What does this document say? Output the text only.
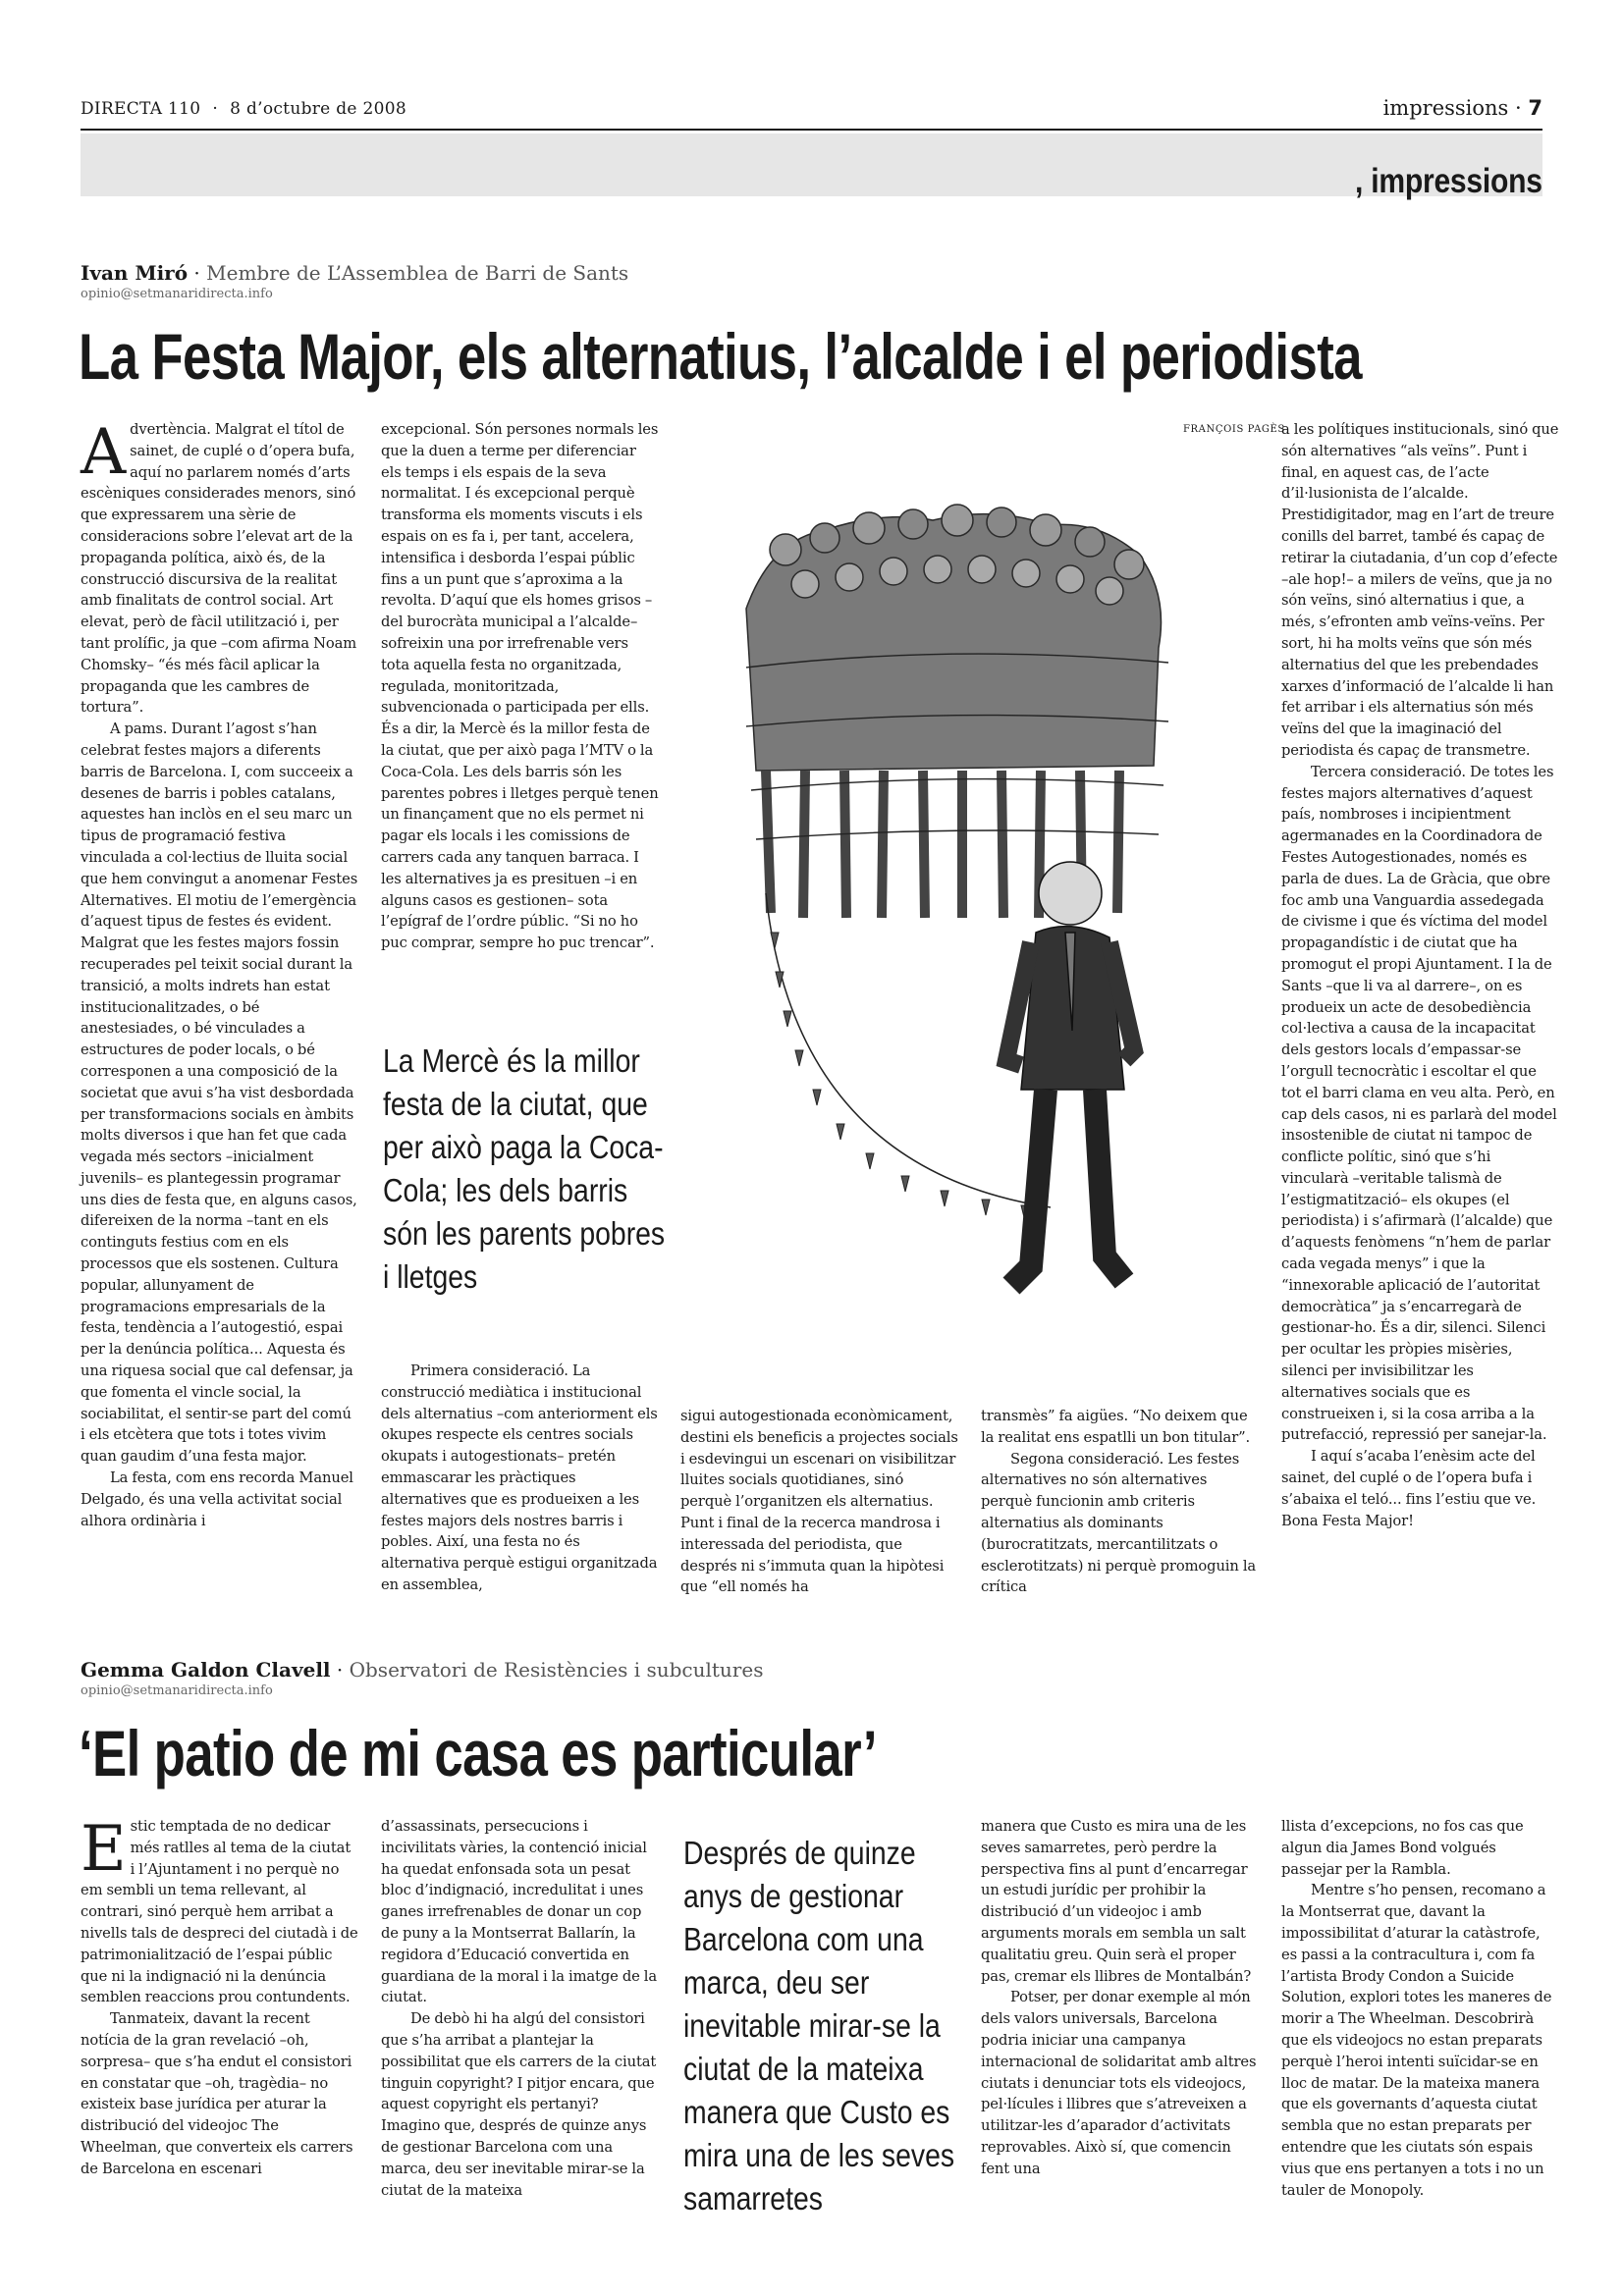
DIRECTA 110 · 8 d’octubre de 2008	impressions · 7
, impressions
Ivan Miró · Membre de L’Assemblea de Barri de Sants
opinio@setmanaridirecta.info
La Festa Major, els alternatius, l’alcalde i el periodista

Advertència. Malgrat el títol de sainet, de cuplé o d’opera bufa, aquí no parlarem només d’arts escèniques considerades menors, sinó que expressarem una sèrie de consideracions sobre l’elevat art de la propaganda política, això és, de la construcció discursiva de la realitat amb finalitats de control social. Art elevat, però de fàcil utilització i, per tant prolífic, ja que –com afirma Noam Chomsky– “és més fàcil aplicar la propaganda que les cambres de tortura”.

A pams. Durant l’agost s’han celebrat festes majors a diferents barris de Barcelona. I, com succeeix a desenes de barris i pobles catalans, aquestes han inclòs en el seu marc un tipus de programació festiva vinculada a col·lectius de lluita social que hem convingut a anomenar Festes Alternatives. El motiu de l’emergència d’aquest tipus de festes és evident. Malgrat que les festes majors fossin recuperades pel teixit social durant la transició, a molts indrets han estat institucionalitzades, o bé anestesiades, o bé vinculades a estructures de poder locals, o bé corresponen a una composició de la societat que avui s’ha vist desbordada per transformacions socials en àmbits molts diversos i que han fet que cada vegada més sectors –inicialment juvenils– es plantegessin programar uns dies de festa que, en alguns casos, difereixen de la norma –tant en els continguts festius com en els processos que els sostenen. Cultura popular, allunyament de programacions empresarials de la festa, tendència a l’autogestió, espai per la denúncia política... Aquesta és una riquesa social que cal defensar, ja que fomenta el vincle social, la sociabilitat, el sentir-se part del comú i els etcètera que tots i totes vivim quan gaudim d’una festa major.

La festa, com ens recorda Manuel Delgado, és una vella activitat social alhora ordinària i

excepcional. Són persones normals les que la duen a terme per diferenciar els temps i els espais de la seva normalitat. I és excepcional perquè transforma els moments viscuts i els espais on es fa i, per tant, accelera, intensifica i desborda l’espai públic fins a un punt que s’aproxima a la revolta. D’aquí que els homes grisos –del burocràta municipal a l’alcalde– sofreixin una por irrefrenable vers tota aquella festa no organitzada, regulada, monitoritzada, subvencionada o participada per ells. És a dir, la Mercè és la millor festa de la ciutat, que per això paga l’MTV o la Coca-Cola. Les dels barris són les parentes pobres i lletges perquè tenen un finançament que no els permet ni pagar els locals i les comissions de carrers cada any tanquen barraca. I les alternatives ja es presituen –i en alguns casos es gestionen– sota l’epígraf de l’ordre públic. “Si no ho puc comprar, sempre ho puc trencar”.

La Mercè és la millor festa de la ciutat, que per això paga la Coca-Cola; les dels barris són les parents pobres i lletges

Primera consideració. La construcció mediàtica i institucional dels alternatius –com anteriorment els okupes respecte els centres socials okupats i autogestionats– pretén emmascarar les pràctiques alternatives que es produeixen a les festes majors dels nostres barris i pobles. Així, una festa no és alternativa perquè estigui organitzada en assemblea,

FRANÇOIS PAGÈS

sigui autogestionada econòmicament, destini els beneficis a projectes socials i esdevingui un escenari on visibilitzar lluites socials quotidianes, sinó perquè l’organitzen els alternatius. Punt i final de la recerca mandrosa i interessada del periodista, que després ni s’immuta quan la hipòtesi que “ell només ha

transmès” fa aigües. “No deixem que la realitat ens espatlli un bon titular”.

Segona consideració. Les festes alternatives no són alternatives perquè funcionin amb criteris alternatius als dominants (burocratitzats, mercantilitzats o esclerotitzats) ni perquè promoguin la crítica

a les polítiques institucionals, sinó que són alternatives “als veïns”. Punt i final, en aquest cas, de l’acte d’il·lusionista de l’alcalde. Prestidigitador, mag en l’art de treure conills del barret, també és capaç de retirar la ciutadania, d’un cop d’efecte –ale hop!– a milers de veïns, que ja no són veïns, sinó alternatius i que, a més, s’efronten amb veïns-veïns. Per sort, hi ha molts veïns que són més alternatius del que les prebendades xarxes d’informació de l’alcalde li han fet arribar i els alternatius són més veïns del que la imaginació del periodista és capaç de transmetre.

Tercera consideració. De totes les festes majors alternatives d’aquest país, nombroses i incipientment agermanades en la Coordinadora de Festes Autogestionades, només es parla de dues. La de Gràcia, que obre foc amb una Vanguardia assedegada de civisme i que és víctima del model propagandístic i de ciutat que ha promogut el propi Ajuntament. I la de Sants –que li va al darrere–, on es produeix un acte de desobediència col·lectiva a causa de la incapacitat dels gestors locals d’empassar-se l’orgull tecnocràtic i escoltar el que tot el barri clama en veu alta. Però, en cap dels casos, ni es parlarà del model insostenible de ciutat ni tampoc de conflicte polític, sinó que s’hi vincularà –veritable talismà de l’estigmatització– els okupes (el periodista) i s’afirmarà (l’alcalde) que d’aquests fenòmens “n’hem de parlar cada vegada menys” i que la “innexorable aplicació de l’autoritat democràtica” ja s’encarregarà de gestionar-ho. És a dir, silenci. Silenci per ocultar les pròpies misèries, silenci per invisibilitzar les alternatives socials que es construeixen i, si la cosa arriba a la putrefacció, repressió per sanejar-la.

I aquí s’acaba l’enèsim acte del sainet, del cuplé o de l’opera bufa i s’abaixa el teló... fins l’estiu que ve. Bona Festa Major!

Gemma Galdon Clavell · Observatori de Resistències i subcultures
opinio@setmanaridirecta.info
‘El patio de mi casa es particular’

Estic temptada de no dedicar més ratlles al tema de la ciutat i l’Ajuntament i no perquè no em sembli un tema rellevant, al contrari, sinó perquè hem arribat a nivells tals de despreci del ciutadà i de patrimonialització de l’espai públic que ni la indignació ni la denúncia semblen reaccions prou contundents.

Tanmateix, davant la recent notícia de la gran revelació –oh, sorpresa– que s’ha endut el consistori en constatar que –oh, tragèdia– no existeix base jurídica per aturar la distribució del videojoc The Wheelman, que converteix els carrers de Barcelona en escenari

d’assassinats, persecucions i incivilitats vàries, la contenció inicial ha quedat enfonsada sota un pesat bloc d’indignació, incredulitat i unes ganes irrefrenables de donar un cop de puny a la Montserrat Ballarín, la regidora d’Educació convertida en guardiana de la moral i la imatge de la ciutat.

De debò hi ha algú del consistori que s’ha arribat a plantejar la possibilitat que els carrers de la ciutat tinguin copyright? I pitjor encara, que aquest copyright els pertanyi? Imagino que, després de quinze anys de gestionar Barcelona com una marca, deu ser inevitable mirar-se la ciutat de la mateixa

Després de quinze anys de gestionar Barcelona com una marca, deu ser inevitable mirar-se la ciutat de la mateixa manera que Custo es mira una de les seves samarretes

manera que Custo es mira una de les seves samarretes, però perdre la perspectiva fins al punt d’encarregar un estudi jurídic per prohibir la distribució d’un videojoc i amb arguments morals em sembla un salt qualitatiu greu. Quin serà el proper pas, cremar els llibres de Montalbán?

Potser, per donar exemple al món dels valors universals, Barcelona podria iniciar una campanya internacional de solidaritat amb altres ciutats i denunciar tots els videojocs, pel·lícules i llibres que s’atreveixen a utilitzar-les d’aparador d’activitats reprovables. Això sí, que comencin fent una

llista d’excepcions, no fos cas que algun dia James Bond volgués passejar per la Rambla.

Mentre s’ho pensen, recomano a la Montserrat que, davant la impossibilitat d’aturar la catàstrofe, es passi a la contracultura i, com fa l’artista Brody Condon a Suicide Solution, explori totes les maneres de morir a The Wheelman. Descobrirà que els videojocs no estan preparats perquè l’heroi intenti suïcidar-se en lloc de matar. De la mateixa manera que els governants d’aquesta ciutat sembla que no estan preparats per entendre que les ciutats són espais vius que ens pertanyen a tots i no un tauler de Monopoly.
